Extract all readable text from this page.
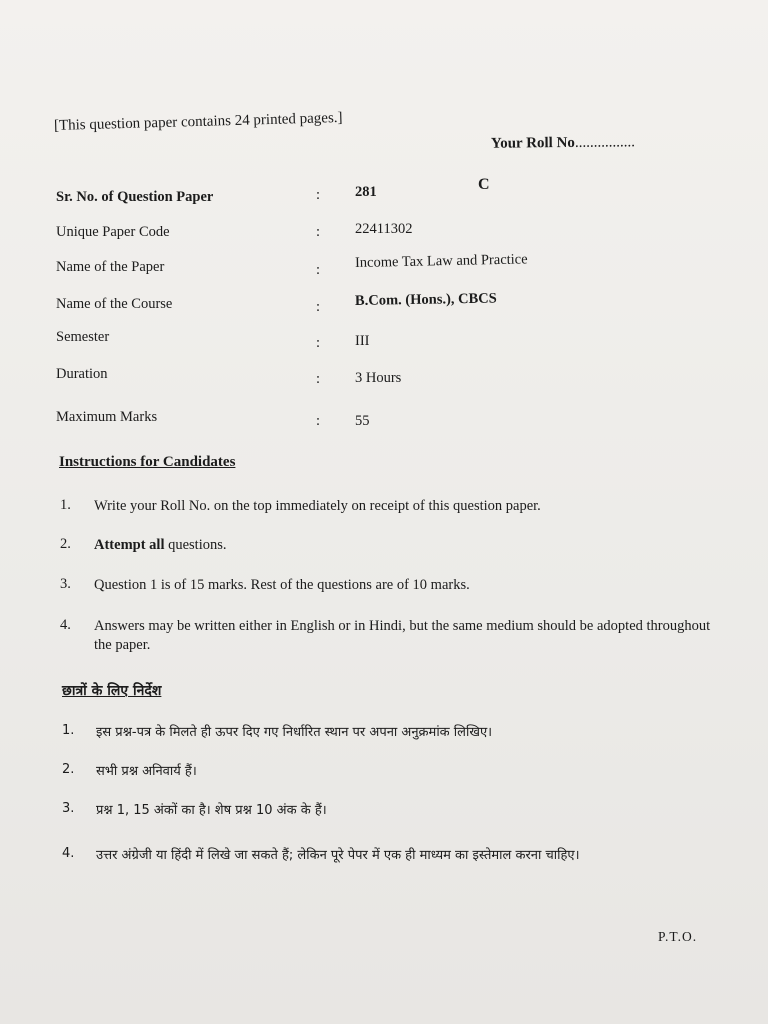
[This question paper contains 24 printed pages.]
Your Roll No................
Sr. No. of Question Paper	: 281	C
Unique Paper Code	: 22411302
Name of the Paper	: Income Tax Law and Practice
Name of the Course	: B.Com. (Hons.), CBCS
Semester	: III
Duration	: 3 Hours
Maximum Marks	: 55
Instructions for Candidates
1. Write your Roll No. on the top immediately on receipt of this question paper.
2. Attempt all questions.
3. Question 1 is of 15 marks. Rest of the questions are of 10 marks.
4. Answers may be written either in English or in Hindi, but the same medium should be adopted throughout the paper.
छात्रों के लिए निर्देश
1. इस प्रश्न-पत्र के मिलते ही ऊपर दिए गए निर्धारित स्थान पर अपना अनुक्रमांक लिखिए।
2. सभी प्रश्न अनिवार्य हैं।
3. प्रश्न 1, 15 अंकों का है। शेष प्रश्न 10 अंक के हैं।
4. उत्तर अंग्रेजी या हिंदी में लिखे जा सकते हैं; लेकिन पूरे पेपर में एक ही माध्यम का इस्तेमाल करना चाहिए।
P.T.O.
